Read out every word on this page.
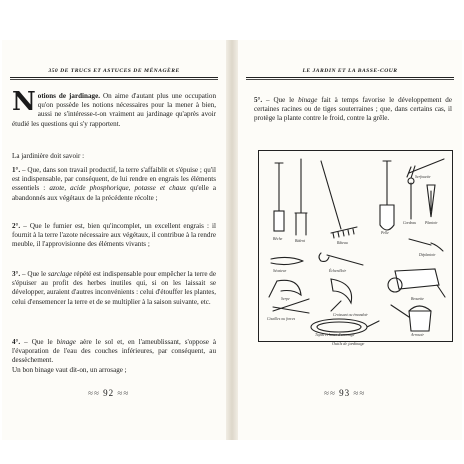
350 DE TRUCS ET ASTUCES DE MÉNAGÈRE
Notions de jardinage. On aime d'autant plus une occupation qu'on possède les notions nécessaires pour la mener à bien, aussi ne s'intéresse-t-on vraiment au jardinage qu'après avoir étudié les questions qui s'y rapportent.
La jardinière doit savoir :
1°. – Que, dans son travail productif, la terre s'affaiblit et s'épuise ; qu'il est indispensable, par conséquent, de lui rendre en engrais les éléments essentiels : azote, acide phosphorique, potasse et chaux qu'elle a abandonnés aux végétaux de la précédente récolte ;
2°. – Que le fumier est, bien qu'incomplet, un excellent engrais : il fournit à la terre l'azote nécessaire aux végétaux, il contribue à la rendre meuble, il l'approvisionne des éléments vivants ;
3°. – Que le sarclage répété est indispensable pour empêcher la terre de s'épuiser au profit des herbes inutiles qui, si on les laissait se développer, auraient d'autres inconvénients : celui d'étouffer les plantes, celui d'ensemencer la terre et de se multiplier à la saison suivante, etc.
4°. – Que le binage aère le sol et, en l'ameublissant, s'oppose à l'évaporation de l'eau des couches inférieures, par conséquent, au dessèchement.
Un bon binage vaut dit-on, un arrosage ;
≈≈ 92 ≈≈
LE JARDIN ET LA BASSE-COUR
5°. – Que le binage fait à temps favorise le développement de certaines racines ou de tiges souterraines ; que, dans certains cas, il protège la plante contre le froid, contre la grêle.
Bêche	Bident	Râteau
Pelle
Serfouette
Cordeau Plantoir
Déplantoir
Sécateur	Échenilloir
Serpe	Brouette
Cisailles ou forces
Croissant ou émondoir
Tuyau et lance d'arrosage	Arrosoir
Outils de jardinage
≈≈ 93 ≈≈
